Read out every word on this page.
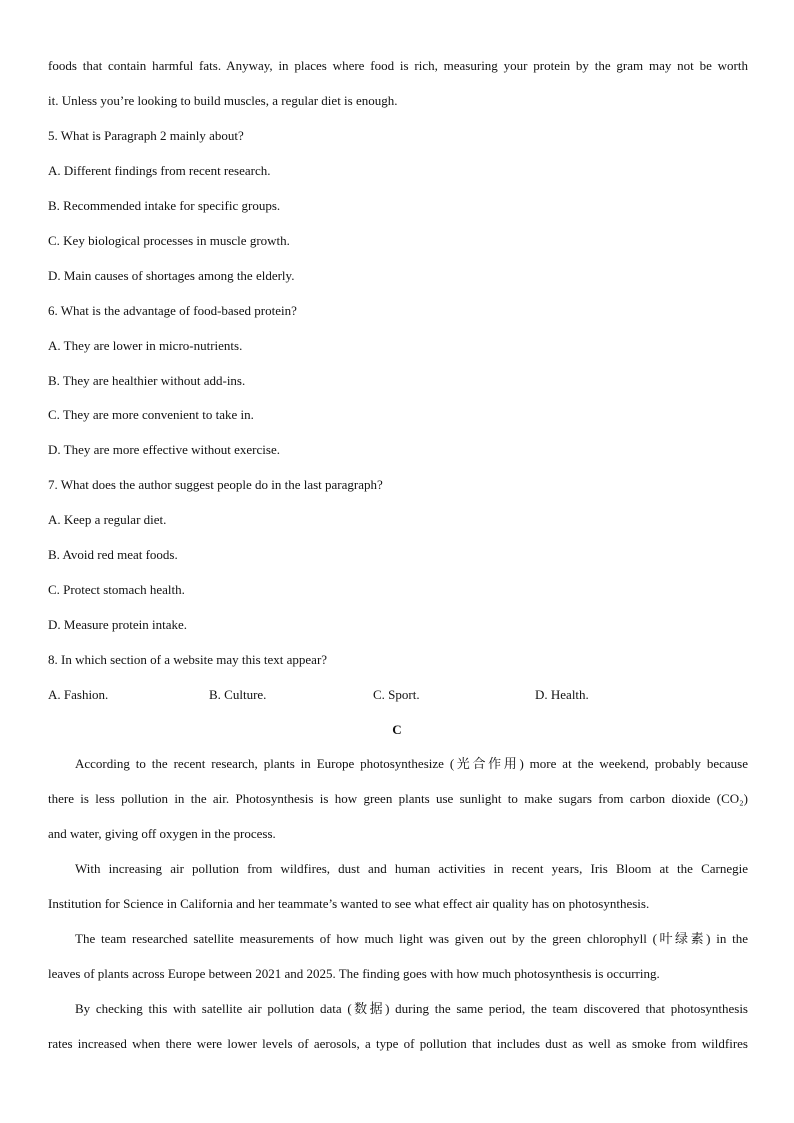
foods that contain harmful fats. Anyway, in places where food is rich, measuring your protein by the gram may not be worth
it. Unless you’re looking to build muscles, a regular diet is enough.
5. What is Paragraph 2 mainly about?
A. Different findings from recent research.
B. Recommended intake for specific groups.
C. Key biological processes in muscle growth.
D. Main causes of shortages among the elderly.
6. What is the advantage of food-based protein?
A. They are lower in micro-nutrients.
B. They are healthier without add-ins.
C. They are more convenient to take in.
D. They are more effective without exercise.
7. What does the author suggest people do in the last paragraph?
A. Keep a regular diet.
B. Avoid red meat foods.
C. Protect stomach health.
D. Measure protein intake.
8. In which section of a website may this text appear?
A. Fashion.	B. Culture.	C. Sport.	D. Health.
C
According to the recent research, plants in Europe photosynthesize (光合作用) more at the weekend, probably because
there is less pollution in the air. Photosynthesis is how green plants use sunlight to make sugars from carbon dioxide (CO₂)
and water, giving off oxygen in the process.
With increasing air pollution from wildfires, dust and human activities in recent years, Iris Bloom at the Carnegie
Institution for Science in California and her teammate’s wanted to see what effect air quality has on photosynthesis.
The team researched satellite measurements of how much light was given out by the green chlorophyll (叶绿素) in the
leaves of plants across Europe between 2021 and 2025. The finding goes with how much photosynthesis is occurring.
By checking this with satellite air pollution data (数据) during the same period, the team discovered that photosynthesis
rates increased when there were lower levels of aerosols, a type of pollution that includes dust as well as smoke from wildfires
